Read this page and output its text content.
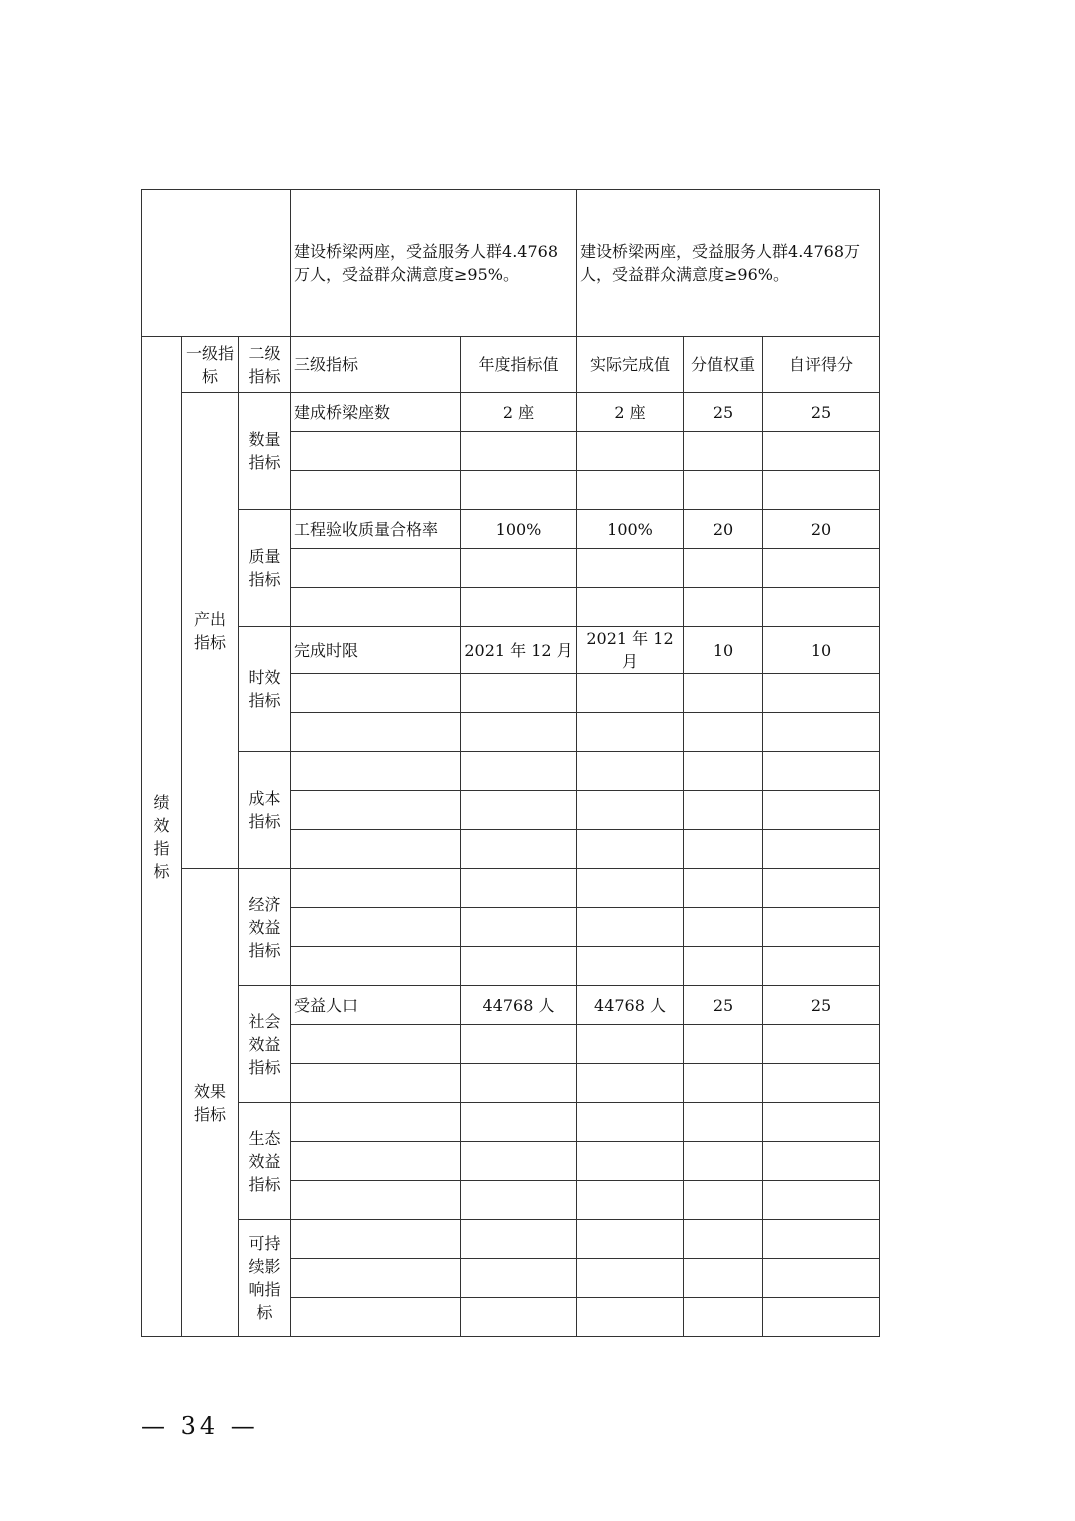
			建设桥梁两座，受益服务人群4.4768万人，受益群众满意度≥95%。		建设桥梁两座，受益服务人群4.4768万人，受益群众满意度≥96%。		
绩效指标	一级指标	二级指标	三级指标	年度指标值	实际完成值	分值权重	自评得分
	产出指标	数量指标	建成桥梁座数	2 座	2 座	25	25

		质量指标	工程验收质量合格率	100%	100%	20	20

		时效指标	完成时限	2021 年 12 月	2021 年 12 月	10	10

		成本指标					

	效果指标	经济效益指标					

		社会效益指标	受益人口	44768 人	44768 人	25	25

		生态效益指标					

		可持续影响指标					

— 34 —
